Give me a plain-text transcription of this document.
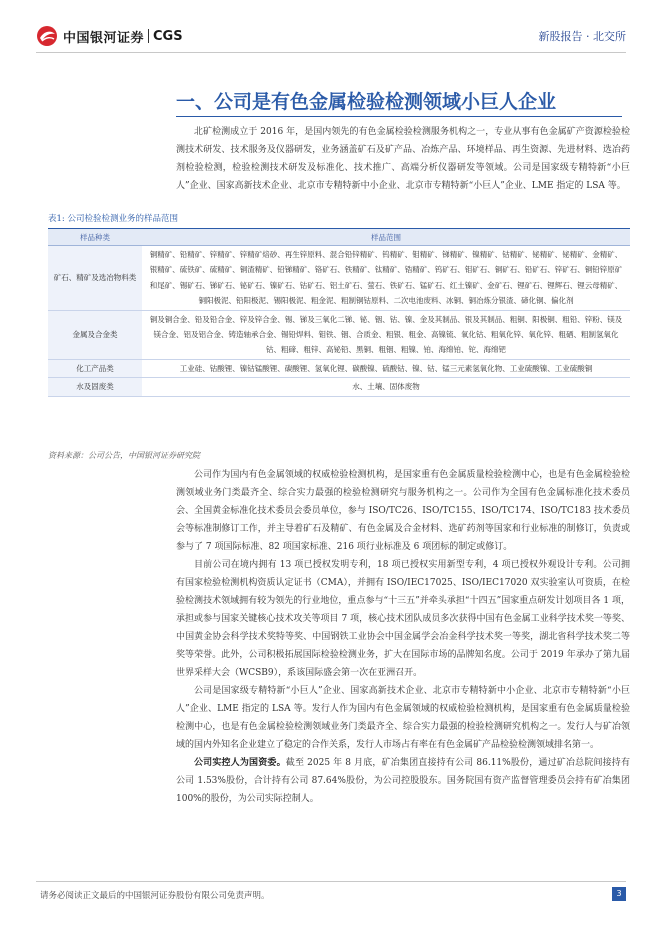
中国银河证券 CGS	新股报告 · 北交所
一、公司是有色金属检验检测领域小巨人企业
北矿检测成立于 2016 年，是国内领先的有色金属检验检测服务机构之一，专业从事有色金属矿产资源检验检测技术研发、技术服务及仪器研发，业务涵盖矿石及矿产品、冶炼产品、环境样品、再生资源、先进材料、选冶药剂检验检测，检验检测技术研发及标准化、技术推广、高端分析仪器研发等领域。公司是国家级专精特新“小巨人”企业、国家高新技术企业、北京市专精特新中小企业、北京市专精特新“小巨人”企业、LME 指定的 LSA 等。
表1: 公司检验检测业务的样品范围
样品种类	样品范围
矿石、精矿及选冶物料类	铜精矿、铅精矿、锌精矿、锌精矿焙砂、再生锌原料、混合铅锌精矿、钨精矿、钼精矿、锑精矿、镍精矿、钴精矿、铋精矿、铋精矿、金精矿、银精矿、硫铁矿、硫精矿、铜渣精矿、铅锑精矿、铬矿石、铁精矿、钛精矿、锆精矿、钨矿石、钼矿石、铜矿石、铅矿石、锌矿石、铜铅锌原矿和尾矿、锡矿石、锑矿石、铋矿石、镍矿石、钴矿石、铝土矿石、萤石、铁矿石、锰矿石、红土镍矿、金矿石、锂矿石、锂辉石、锂云母精矿、铜阳极泥、铅阳极泥、锡阳极泥、粗金泥、粗制铜钴原料、二次电池废料、冰铜、铜冶炼分银渣、碲化铜、偏化剂
金属及合金类	铜及铜合金、铅及铅合金、锌及锌合金、锡、锑及三氧化二锑、铋、铟、钴、镍、金及其制品、银及其制品、粗铜、阳极铜、粗铅、锌粉、镁及镁合金、铝及铝合金、铸造轴承合金、锡铅焊料、钼铁、铟、合质金、粗银、粗金、高镍锍、氧化钴、粗氧化锌、氧化锌、粗硒、粗制氢氧化钴、粗碲、粗锌、高铋铅、黑铜、粗铟、粗镍、铂、海绵铂、铊、海绵钯
化工产品类	工业硅、钴酸锂、镍钴锰酸锂、碳酸锂、氢氧化锂、碳酸镍、硫酸钴、镍、钴、锰三元素氢氧化物、工业硫酸镍、工业硫酸铜
水及固废类	水、土壤、固体废物
资料来源：公司公告，中国银河证券研究院
公司作为国内有色金属领域的权威检验检测机构，是国家重有色金属质量检验检测中心，也是有色金属检验检测领域业务门类最齐全、综合实力最强的检验检测研究与服务机构之一。公司作为全国有色金属标准化技术委员会、全国黄金标准化技术委员会委员单位，参与 ISO/TC26、ISO/TC155、ISO/TC174、ISO/TC183 技术委员会等标准制修订工作，并主导着矿石及精矿、有色金属及合金材料、选矿药剂等国家和行业标准的制修订，负责或参与了 7 项国际标准、82 项国家标准、216 项行业标准及 6 项团标的制定或修订。
目前公司在境内拥有 13 项已授权发明专利，18 项已授权实用新型专利，4 项已授权外观设计专利。公司拥有国家检验检测机构资质认定证书（CMA），并拥有 ISO/IEC17025、ISO/IEC17020 双实验室认可资质，在检验检测技术领域拥有较为领先的行业地位，重点参与“十三五”并牵头承担“十四五”国家重点研发计划项目各 1 项，承担或参与国家关键核心技术攻关等项目 7 项，核心技术团队成员多次获得中国有色金属工业科学技术奖一等奖、中国黄金协会科学技术奖特等奖、中国钢铁工业协会中国金属学会冶金科学技术奖一等奖，湖北省科学技术奖二等奖等荣誉。此外，公司积极拓展国际检验检测业务，扩大在国际市场的品牌知名度。公司于 2019 年承办了第九届世界采样大会（WCSB9），系该国际盛会第一次在亚洲召开。
公司是国家级专精特新“小巨人”企业、国家高新技术企业、北京市专精特新中小企业、北京市专精特新“小巨人”企业、LME 指定的 LSA 等。发行人作为国内有色金属领域的权威检验检测机构，是国家重有色金属质量检验检测中心，也是有色金属检验检测领域业务门类最齐全、综合实力最强的检验检测研究机构之一。发行人与矿冶领域的国内外知名企业建立了稳定的合作关系，发行人市场占有率在有色金属矿产品检验检测领域排名第一。
公司实控人为国资委。截至 2025 年 8 月底，矿冶集团直接持有公司 86.11%股份，通过矿冶总院间接持有公司 1.53%股份，合计持有公司 87.64%股份，为公司控股股东。国务院国有资产监督管理委员会持有矿冶集团 100%的股份，为公司实际控制人。
请务必阅读正文最后的中国银河证券股份有限公司免责声明。	3
